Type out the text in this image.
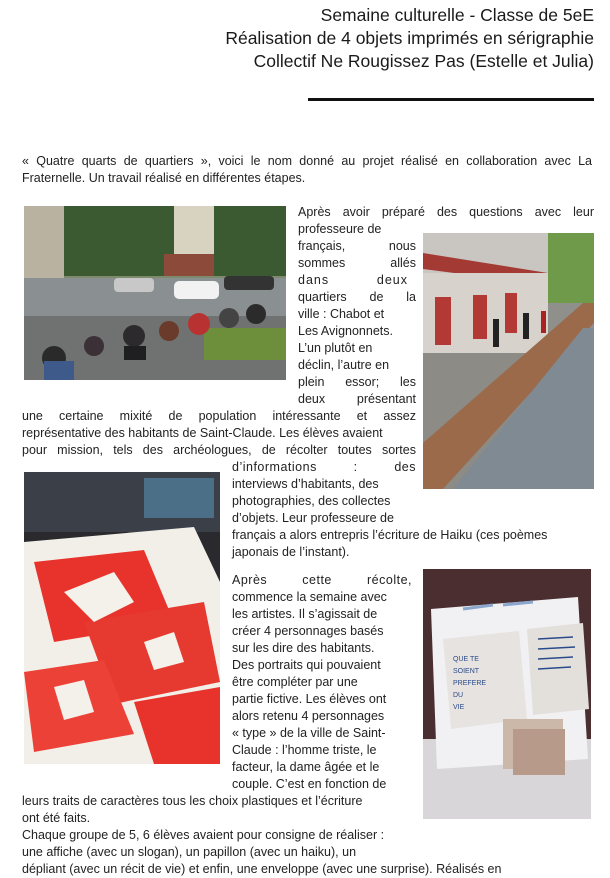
Semaine culturelle - Classe de 5eE
Réalisation de 4 objets imprimés en sérigraphie
Collectif Ne Rougissez Pas (Estelle et Julia)
« Quatre quarts de quartiers », voici le nom donné au projet réalisé en collaboration avec La Fraternelle. Un travail réalisé en différentes étapes.
QUE TE
SOIENT
PREFERE
DU
VIE
Après avoir préparé des questions avec leur
professeure de
français, nous
sommes allés
dans deux
quartiers de la
ville : Chabot et
Les Avignonnets.
L’un plutôt en
déclin, l’autre en
plein essor; les
deux présentant
une certaine mixité de population intéressante et assez
représentative des habitants de Saint-Claude. Les élèves avaient
pour mission, tels des archéologues, de récolter toutes sortes
d’informations : des
interviews d’habitants, des
photographies, des collectes
d’objets. Leur professeure de
français a alors entrepris l’écriture de Haiku (ces poèmes
japonais de l’instant).
Après cette récolte,
commence la semaine avec
les artistes. Il s’agissait de
créer 4 personnages basés
sur les dire des habitants.
Des portraits qui pouvaient
être compléter par une
partie fictive. Les élèves ont
alors retenu 4 personnages
« type » de la ville de Saint-
Claude : l’homme triste, le
facteur, la dame âgée et le
couple. C’est en fonction de
leurs traits de caractères tous les choix plastiques et l’écriture
ont été faits.
Chaque groupe de 5, 6 élèves avaient pour consigne de réaliser :
une affiche (avec un slogan), un papillon (avec un haiku), un
dépliant (avec un récit de vie) et enfin, une enveloppe (avec une surprise). Réalisés en
